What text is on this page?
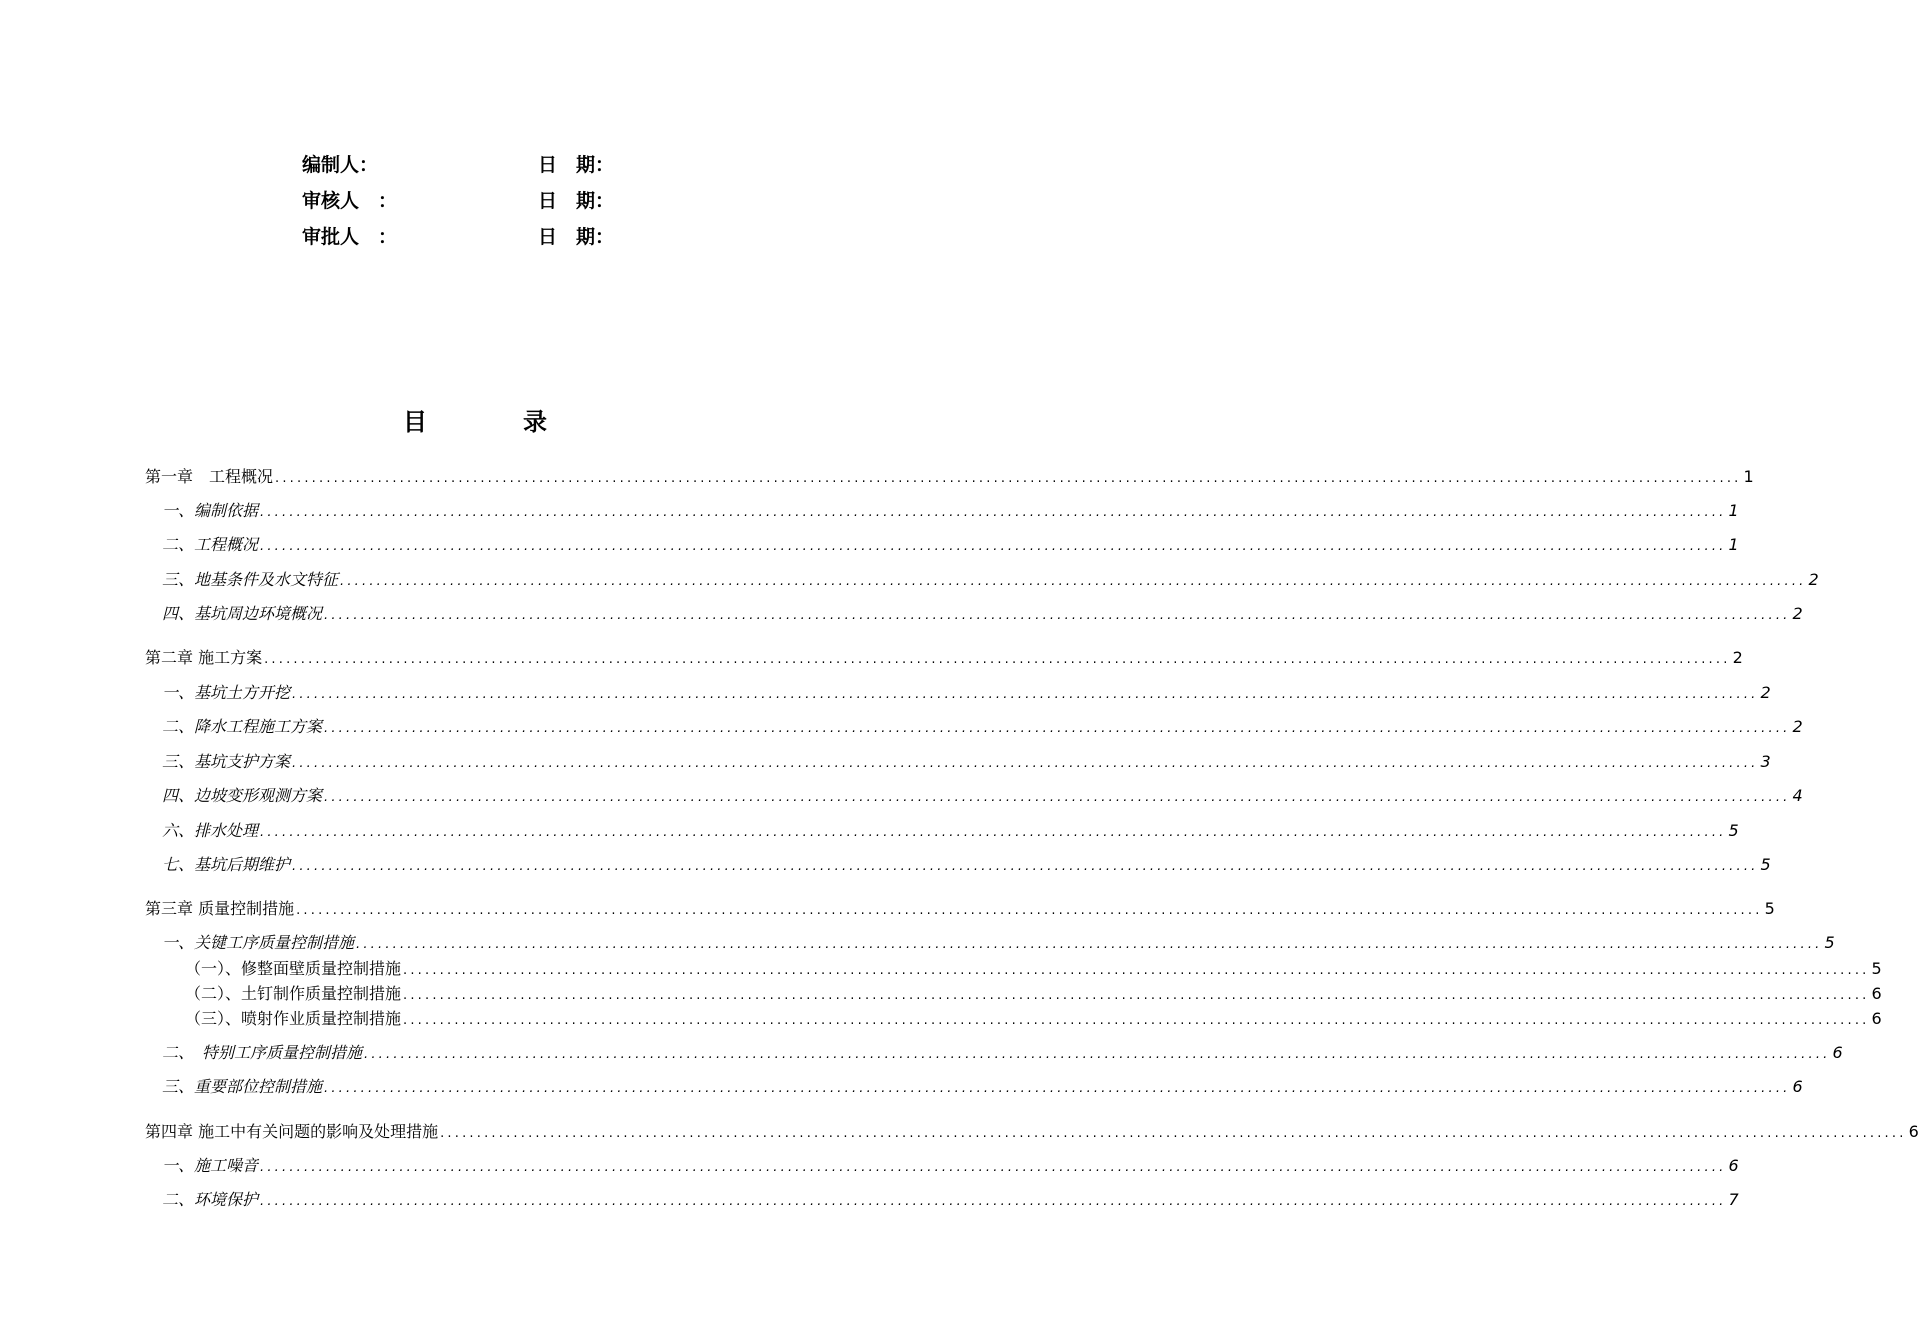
编制人：	日　期：
审核人　：	日　期：
审批人　：	日　期：
目　　　　录
第一章　工程概况 ........................................................................................................................................................................................................ 1
一、编制依据 ........................................................................................................................................................................................................ 1
二、工程概况 ........................................................................................................................................................................................................ 1
三、地基条件及水文特征 ........................................................................................................................................................................................................ 2
四、基坑周边环境概况 ........................................................................................................................................................................................................ 2
第二章 施工方案 ........................................................................................................................................................................................................ 2
一、基坑土方开挖 ........................................................................................................................................................................................................ 2
二、降水工程施工方案 ........................................................................................................................................................................................................ 2
三、基坑支护方案 ........................................................................................................................................................................................................ 3
四、边坡变形观测方案 ........................................................................................................................................................................................................ 4
六、排水处理 ........................................................................................................................................................................................................ 5
七、基坑后期维护 ........................................................................................................................................................................................................ 5
第三章 质量控制措施 ........................................................................................................................................................................................................ 5
一、关键工序质量控制措施 ........................................................................................................................................................................................................ 5
（一）、修整面壁质量控制措施 ........................................................................................................................................................................................................ 5
（二）、土钉制作质量控制措施 ........................................................................................................................................................................................................ 6
（三）、喷射作业质量控制措施 ........................................................................................................................................................................................................ 6
二、　特别工序质量控制措施 ........................................................................................................................................................................................................ 6
三、重要部位控制措施 ........................................................................................................................................................................................................ 6
第四章 施工中有关问题的影响及处理措施 ........................................................................................................................................................................................................ 6
一、施工噪音 ........................................................................................................................................................................................................ 6
二、环境保护 ........................................................................................................................................................................................................ 7
